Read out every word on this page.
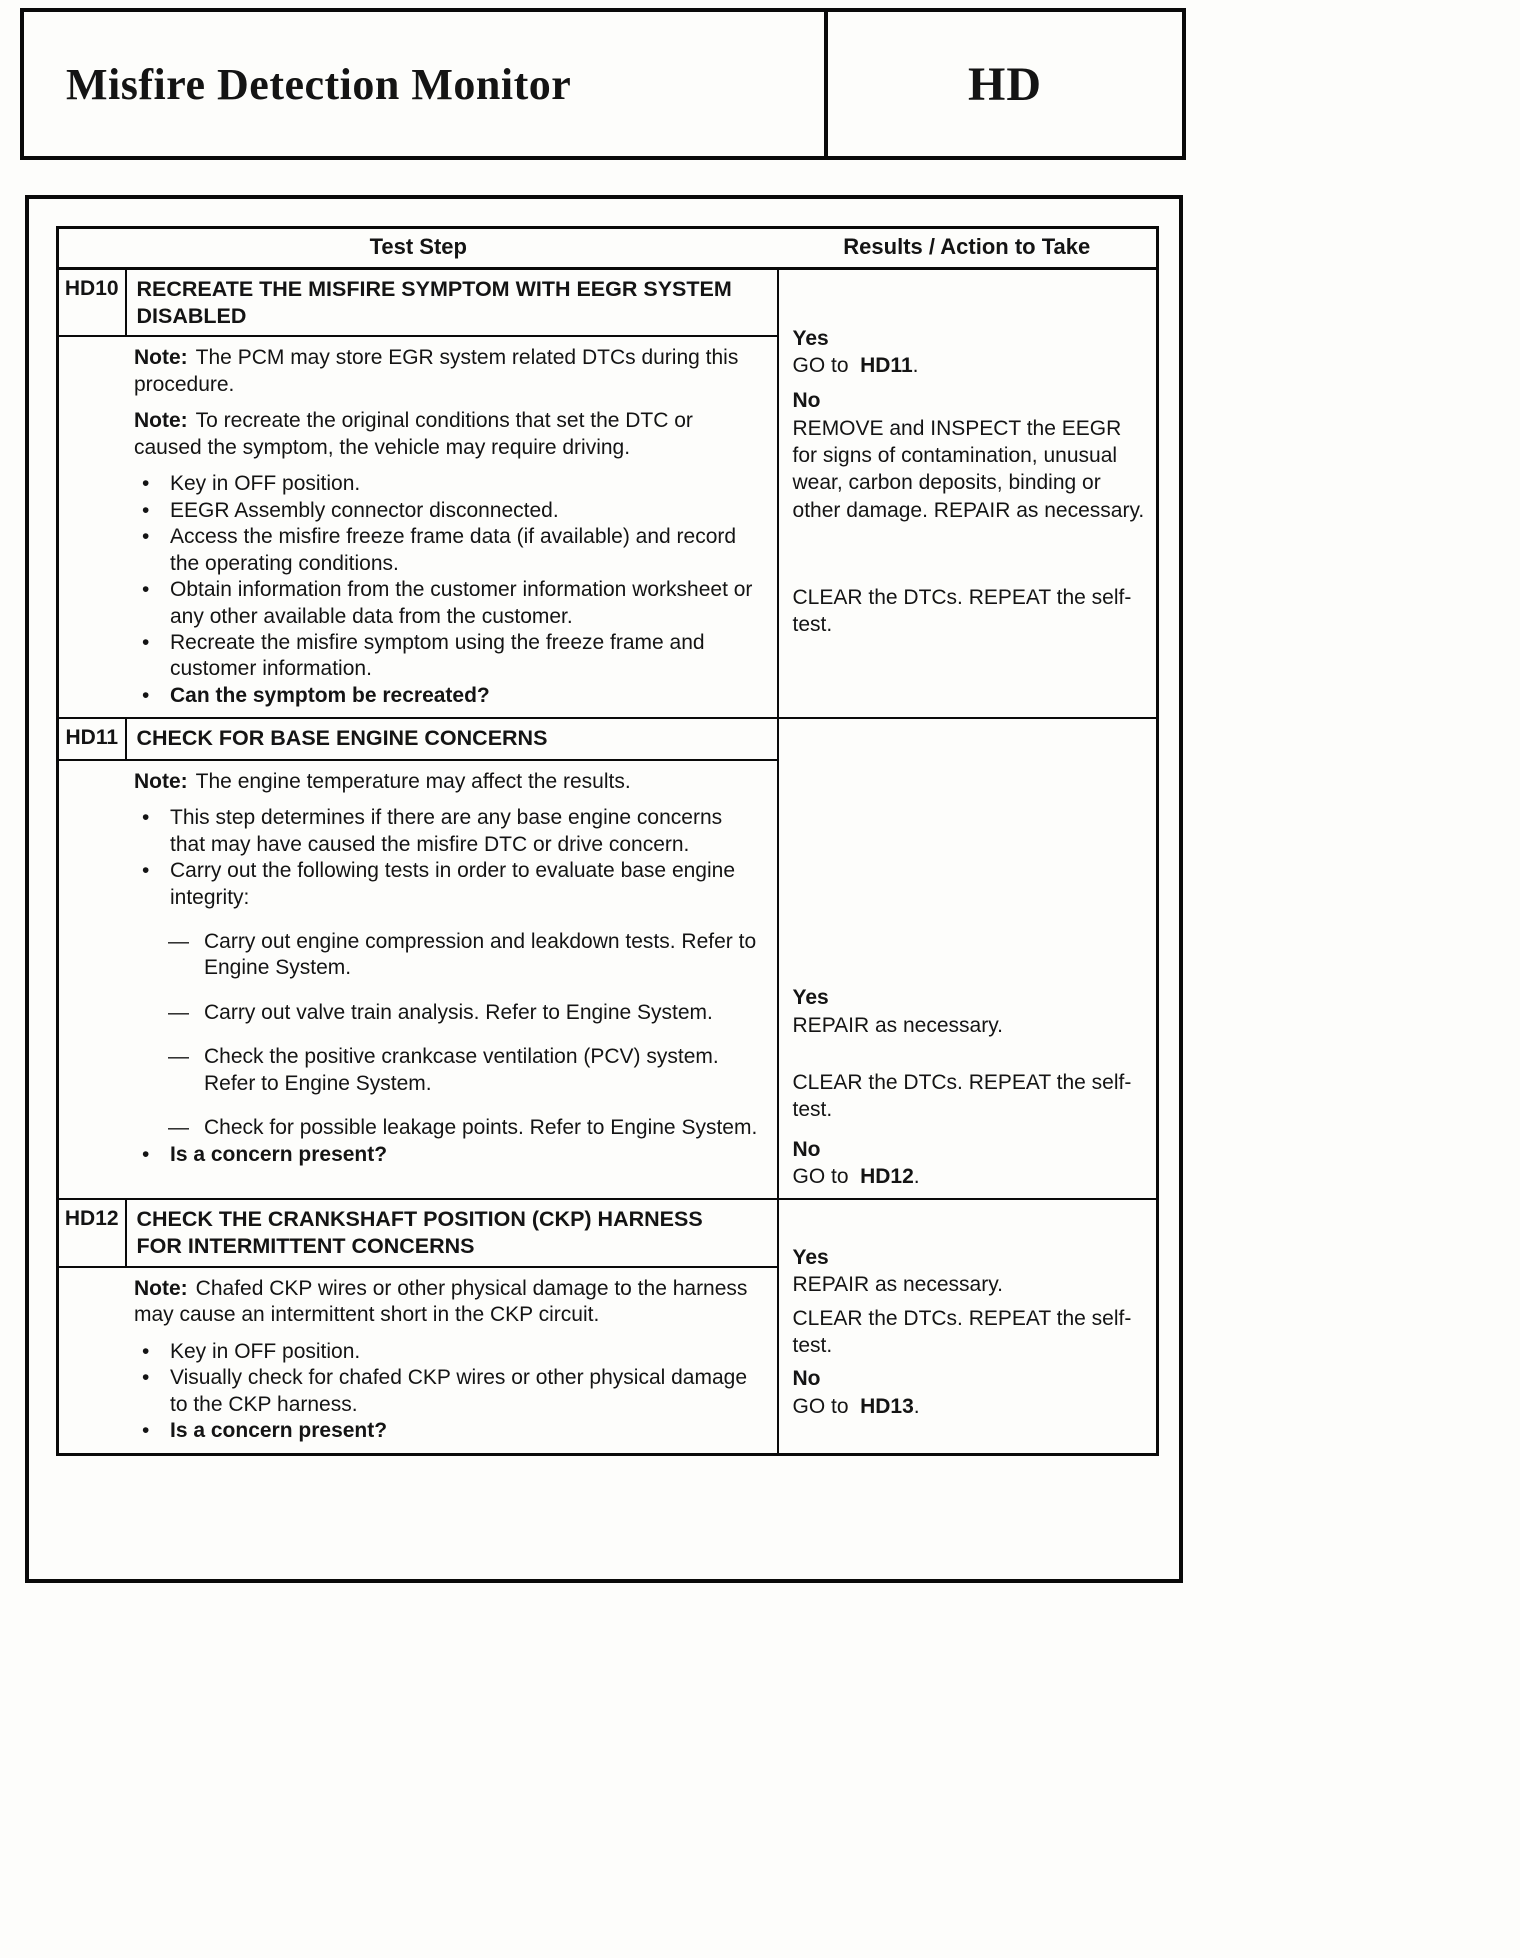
Misfire Detection Monitor	HD
Test Step		Results / Action to Take
HD10	RECREATE THE MISFIRE SYMPTOM WITH EEGR SYSTEM DISABLED	Yes
GO to HD11.
No
REMOVE and INSPECT the EEGR for signs of contamination, unusual wear, carbon deposits, binding or other damage. REPAIR as necessary.
CLEAR the DTCs. REPEAT the self-test.

Note: The PCM may store EGR system related DTCs during this procedure.
Note: To recreate the original conditions that set the DTC or caused the symptom, the vehicle may require driving.
• Key in OFF position.
• EEGR Assembly connector disconnected.
• Access the misfire freeze frame data (if available) and record the operating conditions.
• Obtain information from the customer information worksheet or any other available data from the customer.
• Recreate the misfire symptom using the freeze frame and customer information.
• Can the symptom be recreated?

HD11	CHECK FOR BASE ENGINE CONCERNS	Yes
REPAIR as necessary.
CLEAR the DTCs. REPEAT the self-test.
No
GO to HD12.

Note: The engine temperature may affect the results.
• This step determines if there are any base engine concerns that may have caused the misfire DTC or drive concern.
• Carry out the following tests in order to evaluate base engine integrity:
— Carry out engine compression and leakdown tests. Refer to Engine System.
— Carry out valve train analysis. Refer to Engine System.
— Check the positive crankcase ventilation (PCV) system. Refer to Engine System.
— Check for possible leakage points. Refer to Engine System.
• Is a concern present?

HD12	CHECK THE CRANKSHAFT POSITION (CKP) HARNESS FOR INTERMITTENT CONCERNS	Yes
REPAIR as necessary.
CLEAR the DTCs. REPEAT the self-test.
No
GO to HD13.

Note: Chafed CKP wires or other physical damage to the harness may cause an intermittent short in the CKP circuit.
• Key in OFF position.
• Visually check for chafed CKP wires or other physical damage to the CKP harness.
• Is a concern present?
